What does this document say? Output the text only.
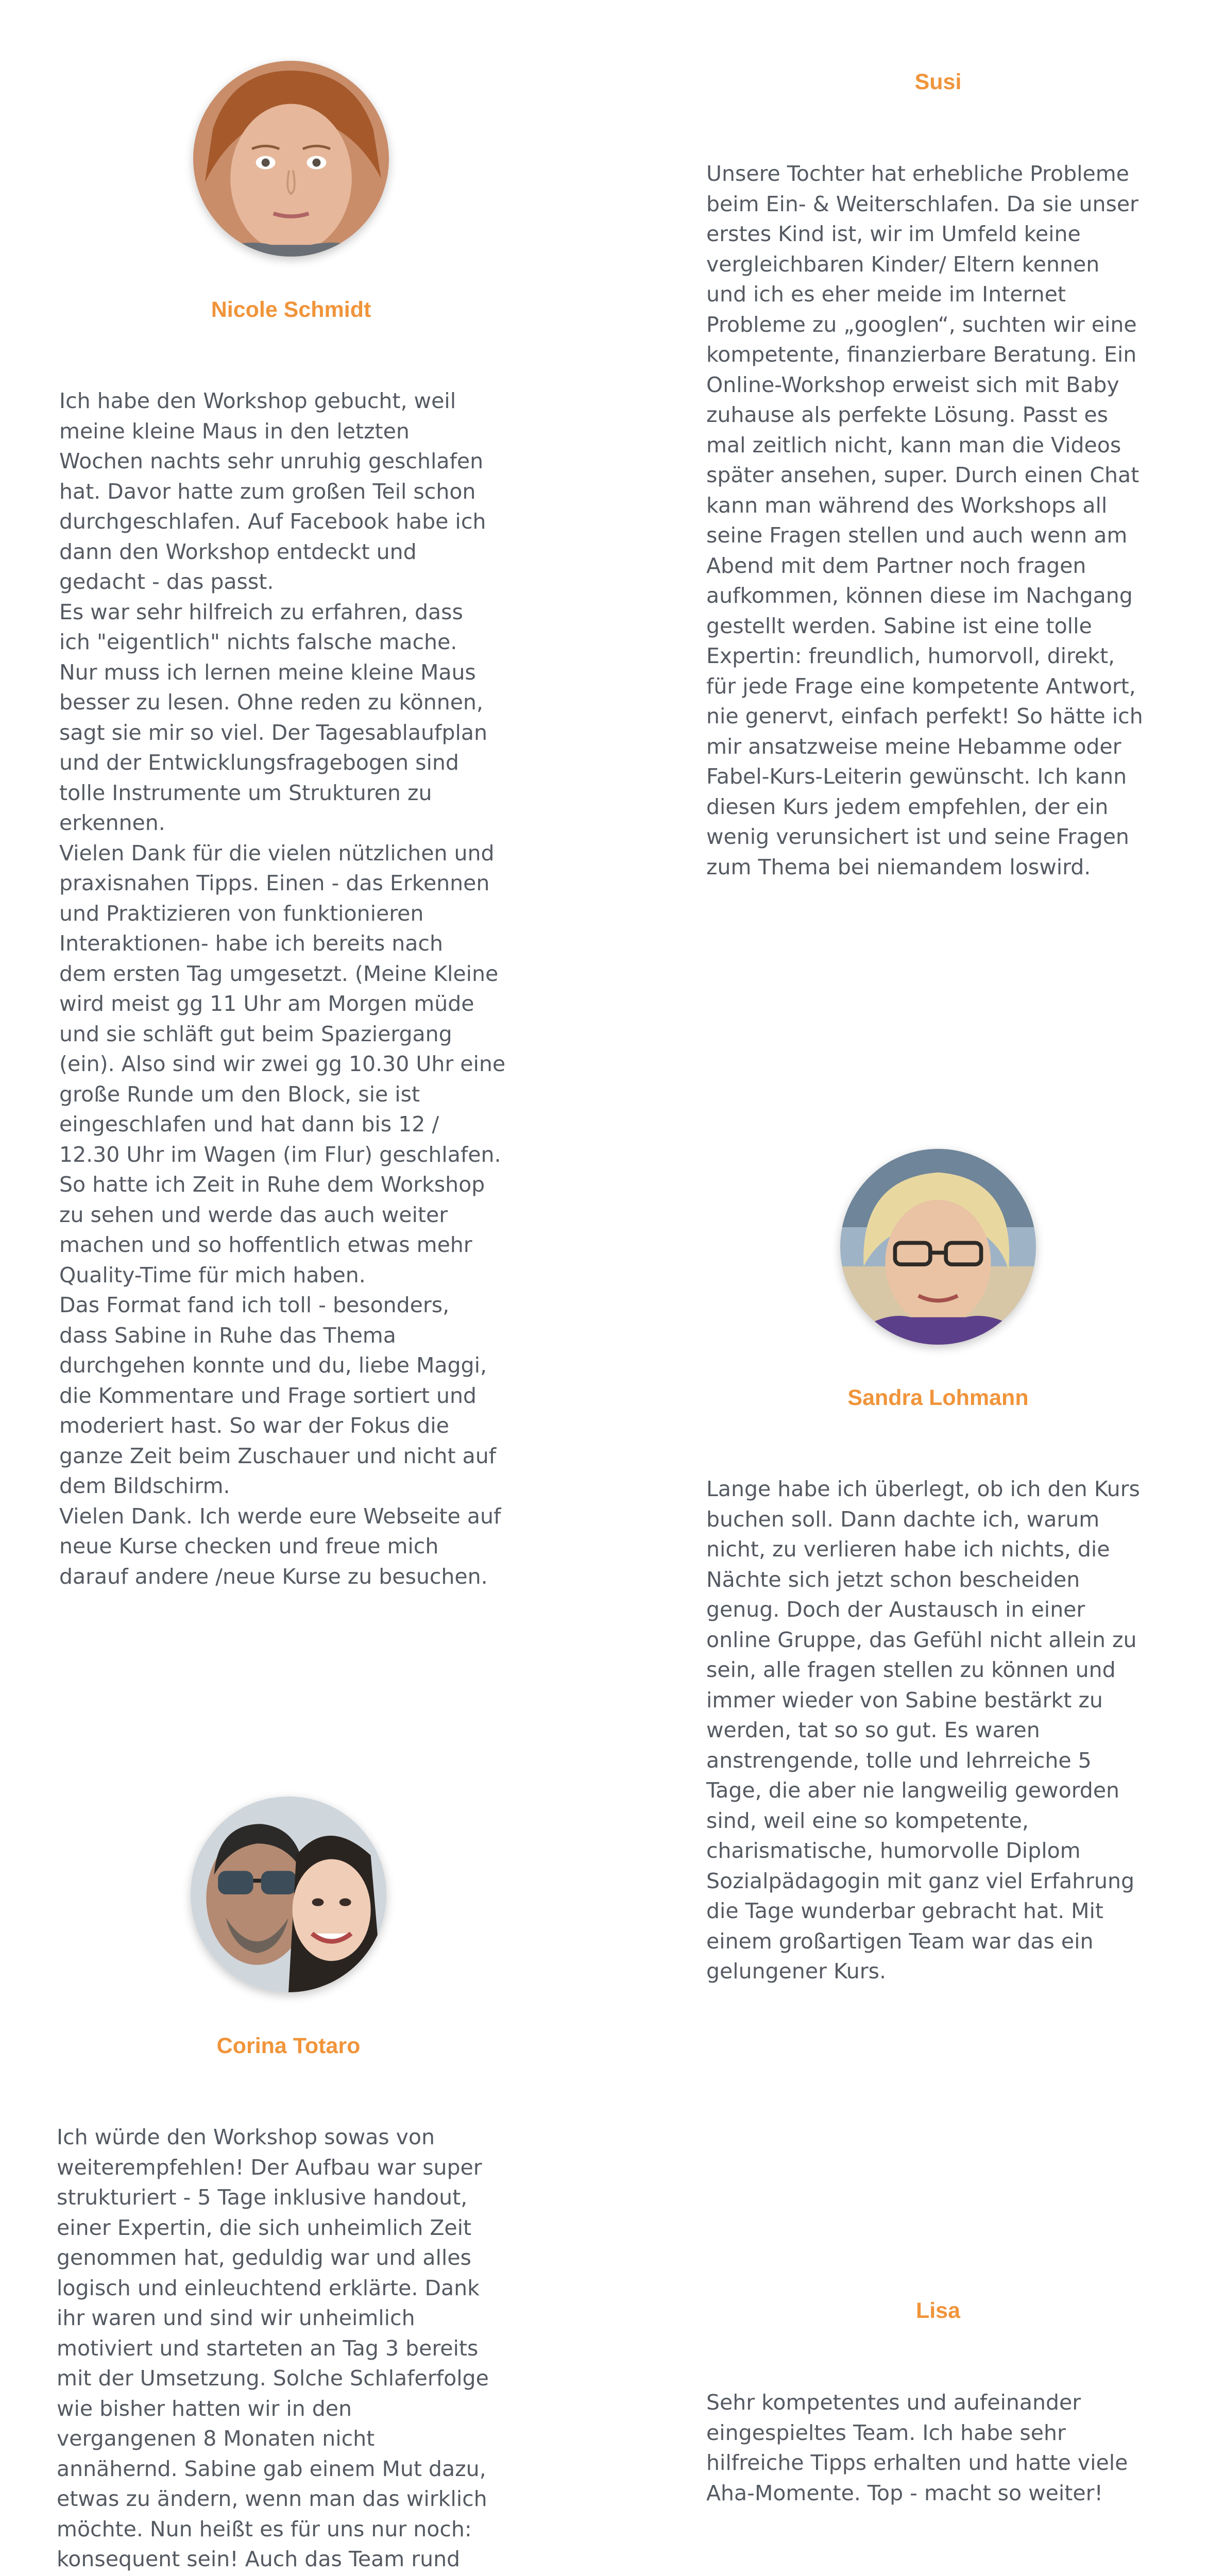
Nicole Schmidt

Ich habe den Workshop gebucht, weil
meine kleine Maus in den letzten
Wochen nachts sehr unruhig geschlafen
hat. Davor hatte zum großen Teil schon
durchgeschlafen. Auf Facebook habe ich
dann den Workshop entdeckt und
gedacht - das passt.
Es war sehr hilfreich zu erfahren, dass
ich "eigentlich" nichts falsche mache.
Nur muss ich lernen meine kleine Maus
besser zu lesen. Ohne reden zu können,
sagt sie mir so viel. Der Tagesablaufplan
und der Entwicklungsfragebogen sind
tolle Instrumente um Strukturen zu
erkennen.
Vielen Dank für die vielen nützlichen und
praxisnahen Tipps. Einen - das Erkennen
und Praktizieren von funktionieren
Interaktionen- habe ich bereits nach
dem ersten Tag umgesetzt. (Meine Kleine
wird meist gg 11 Uhr am Morgen müde
und sie schläft gut beim Spaziergang
(ein). Also sind wir zwei gg 10.30 Uhr eine
große Runde um den Block, sie ist
eingeschlafen und hat dann bis 12 /
12.30 Uhr im Wagen (im Flur) geschlafen.
So hatte ich Zeit in Ruhe dem Workshop
zu sehen und werde das auch weiter
machen und so hoffentlich etwas mehr
Quality-Time für mich haben.
Das Format fand ich toll - besonders,
dass Sabine in Ruhe das Thema
durchgehen konnte und du, liebe Maggi,
die Kommentare und Frage sortiert und
moderiert hast. So war der Fokus die
ganze Zeit beim Zuschauer und nicht auf
dem Bildschirm.
Vielen Dank. Ich werde eure Webseite auf
neue Kurse checken und freue mich
darauf andere /neue Kurse zu besuchen.

Susi

Unsere Tochter hat erhebliche Probleme
beim Ein- & Weiterschlafen. Da sie unser
erstes Kind ist, wir im Umfeld keine
vergleichbaren Kinder/ Eltern kennen
und ich es eher meide im Internet
Probleme zu „googlen“, suchten wir eine
kompetente, finanzierbare Beratung. Ein
Online-Workshop erweist sich mit Baby
zuhause als perfekte Lösung. Passt es
mal zeitlich nicht, kann man die Videos
später ansehen, super. Durch einen Chat
kann man während des Workshops all
seine Fragen stellen und auch wenn am
Abend mit dem Partner noch fragen
aufkommen, können diese im Nachgang
gestellt werden. Sabine ist eine tolle
Expertin: freundlich, humorvoll, direkt,
für jede Frage eine kompetente Antwort,
nie genervt, einfach perfekt! So hätte ich
mir ansatzweise meine Hebamme oder
Fabel-Kurs-Leiterin gewünscht. Ich kann
diesen Kurs jedem empfehlen, der ein
wenig verunsichert ist und seine Fragen
zum Thema bei niemandem loswird.

Sandra Lohmann

Lange habe ich überlegt, ob ich den Kurs
buchen soll. Dann dachte ich, warum
nicht, zu verlieren habe ich nichts, die
Nächte sich jetzt schon bescheiden
genug. Doch der Austausch in einer
online Gruppe, das Gefühl nicht allein zu
sein, alle fragen stellen zu können und
immer wieder von Sabine bestärkt zu
werden, tat so so gut. Es waren
anstrengende, tolle und lehrreiche 5
Tage, die aber nie langweilig geworden
sind, weil eine so kompetente,
charismatische, humorvolle Diplom
Sozialpädagogin mit ganz viel Erfahrung
die Tage wunderbar gebracht hat. Mit
einem großartigen Team war das ein
gelungener Kurs.

Corina Totaro

Ich würde den Workshop sowas von
weiterempfehlen! Der Aufbau war super
strukturiert - 5 Tage inklusive handout,
einer Expertin, die sich unheimlich Zeit
genommen hat, geduldig war und alles
logisch und einleuchtend erklärte. Dank
ihr waren und sind wir unheimlich
motiviert und starteten an Tag 3 bereits
mit der Umsetzung. Solche Schlaferfolge
wie bisher hatten wir in den
vergangenen 8 Monaten nicht
annähernd. Sabine gab einem Mut dazu,
etwas zu ändern, wenn man das wirklich
möchte. Nun heißt es für uns nur noch:
konsequent sein! Auch das Team rund

Lisa

Sehr kompetentes und aufeinander
eingespieltes Team. Ich habe sehr
hilfreiche Tipps erhalten und hatte viele
Aha-Momente. Top - macht so weiter!
